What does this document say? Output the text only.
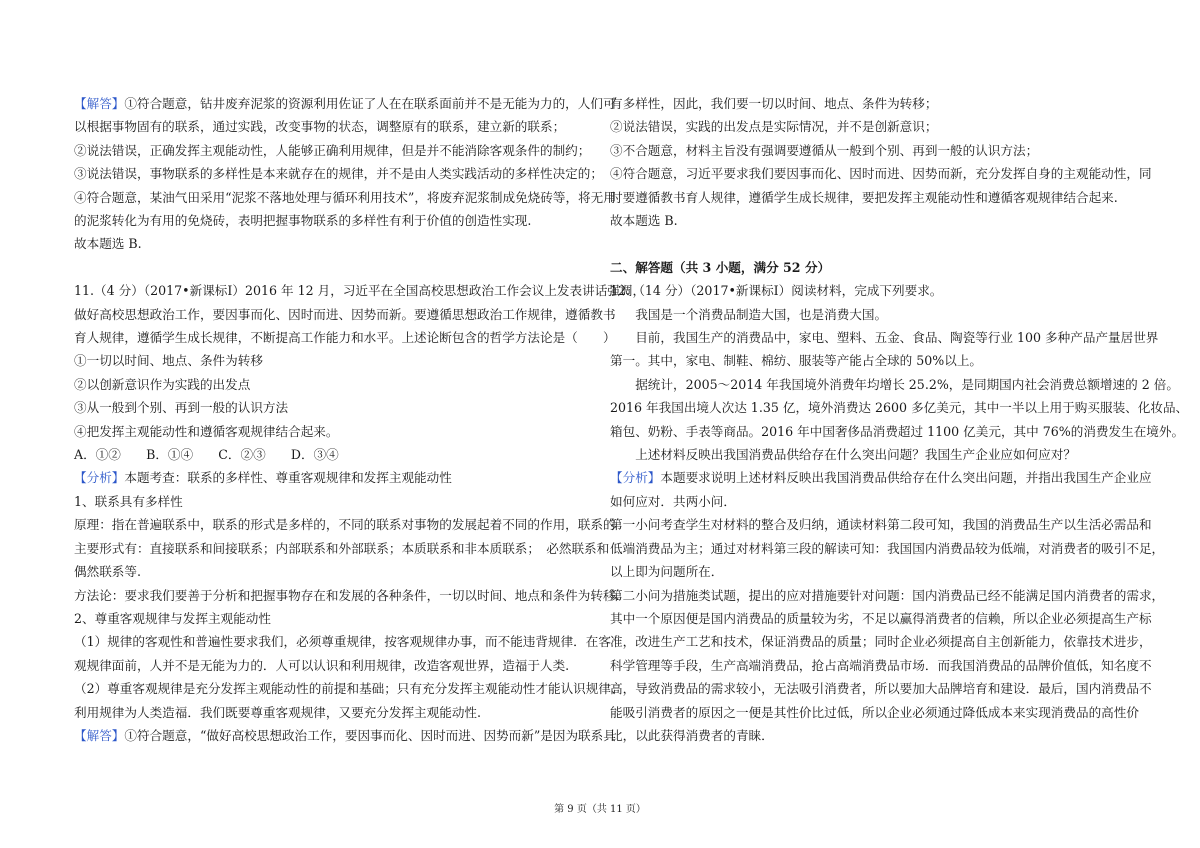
【解答】①符合题意，钻井废弃泥浆的资源利用佐证了人在在联系面前并不是无能为力的，人们可

以根据事物固有的联系，通过实践，改变事物的状态，调整原有的联系，建立新的联系；

②说法错误，正确发挥主观能动性，人能够正确利用规律，但是并不能消除客观条件的制约；

③说法错误，事物联系的多样性是本来就存在的规律，并不是由人类实践活动的多样性决定的；

④符合题意，某油气田采用“泥浆不落地处理与循环利用技术”，将废弃泥浆制成免烧砖等，将无用

的泥浆转化为有用的免烧砖，表明把握事物联系的多样性有利于价值的创造性实现.

故本题选 B.

11.（4 分）（2017•新课标Ⅰ）2016 年 12 月，习近平在全国高校思想政治工作会议上发表讲话强调，

做好高校思想政治工作，要因事而化、因时而进、因势而新。要遵循思想政治工作规律，遵循教书

育人规律，遵循学生成长规律，不断提高工作能力和水平。上述论断包含的哲学方法论是（　　）

①一切以时间、地点、条件为转移

②以创新意识作为实践的出发点

③从一般到个别、再到一般的认识方法

④把发挥主观能动性和遵循客观规律结合起来。

A．①②　　B．①④　　C．②③　　D．③④

【分析】本题考查：联系的多样性、尊重客观规律和发挥主观能动性

1、联系具有多样性

原理：指在普遍联系中，联系的形式是多样的，不同的联系对事物的发展起着不同的作用，联系的

主要形式有：直接联系和间接联系；内部联系和外部联系；本质联系和非本质联系；　必然联系和

偶然联系等.

方法论：要求我们要善于分析和把握事物存在和发展的各种条件，一切以时间、地点和条件为转移.

2、尊重客观规律与发挥主观能动性

（1）规律的客观性和普遍性要求我们，必须尊重规律，按客观规律办事，而不能违背规律．在客

观规律面前，人并不是无能为力的．人可以认识和利用规律，改造客观世界，造福于人类.

（2）尊重客观规律是充分发挥主观能动性的前提和基础；只有充分发挥主观能动性才能认识规律、

利用规律为人类造福．我们既要尊重客观规律，又要充分发挥主观能动性.

【解答】①符合题意，“做好高校思想政治工作，要因事而化、因时而进、因势而新”是因为联系具

有多样性，因此，我们要一切以时间、地点、条件为转移；

②说法错误，实践的出发点是实际情况，并不是创新意识；

③不合题意，材料主旨没有强调要遵循从一般到个别、再到一般的认识方法；

④符合题意，习近平要求我们要因事而化、因时而进、因势而新，充分发挥自身的主观能动性，同

时要遵循教书育人规律，遵循学生成长规律，要把发挥主观能动性和遵循客观规律结合起来.

故本题选 B.

二、解答题（共 3 小题，满分 52 分）

12．（14 分）（2017•新课标Ⅰ）阅读材料，完成下列要求。

　　我国是一个消费品制造大国，也是消费大国。

　　目前，我国生产的消费品中，家电、塑料、五金、食品、陶瓷等行业 100 多种产品产量居世界

第一。其中，家电、制鞋、棉纺、服装等产能占全球的 50%以上。

　　据统计，2005～2014 年我国境外消费年均增长 25.2%，是同期国内社会消费总额增速的 2 倍。

2016 年我国出境人次达 1.35 亿，境外消费达 2600 多亿美元，其中一半以上用于购买服装、化妆品、

箱包、奶粉、手表等商品。2016 年中国奢侈品消费超过 1100 亿美元，其中 76%的消费发生在境外。

　　上述材料反映出我国消费品供给存在什么突出问题？我国生产企业应如何应对？

【分析】本题要求说明上述材料反映出我国消费品供给存在什么突出问题，并指出我国生产企业应

如何应对．共两小问．

第一小问考查学生对材料的整合及归纳，通读材料第二段可知，我国的消费品生产以生活必需品和

低端消费品为主；通过对材料第三段的解读可知：我国国内消费品较为低端，对消费者的吸引不足，

以上即为问题所在．

第二小问为措施类试题，提出的应对措施要针对问题：国内消费品已经不能满足国内消费者的需求，

其中一个原因便是国内消费品的质量较为劣，不足以赢得消费者的信赖，所以企业必须提高生产标

准，改进生产工艺和技术，保证消费品的质量；同时企业必须提高自主创新能力，依靠技术进步，

科学管理等手段，生产高端消费品，抢占高端消费品市场．而我国消费品的品牌价值低，知名度不

高，导致消费品的需求较小，无法吸引消费者，所以要加大品牌培育和建设．最后，国内消费品不

能吸引消费者的原因之一便是其性价比过低，所以企业必须通过降低成本来实现消费品的高性价

比，以此获得消费者的青睐．

第 9 页（共 11 页）
